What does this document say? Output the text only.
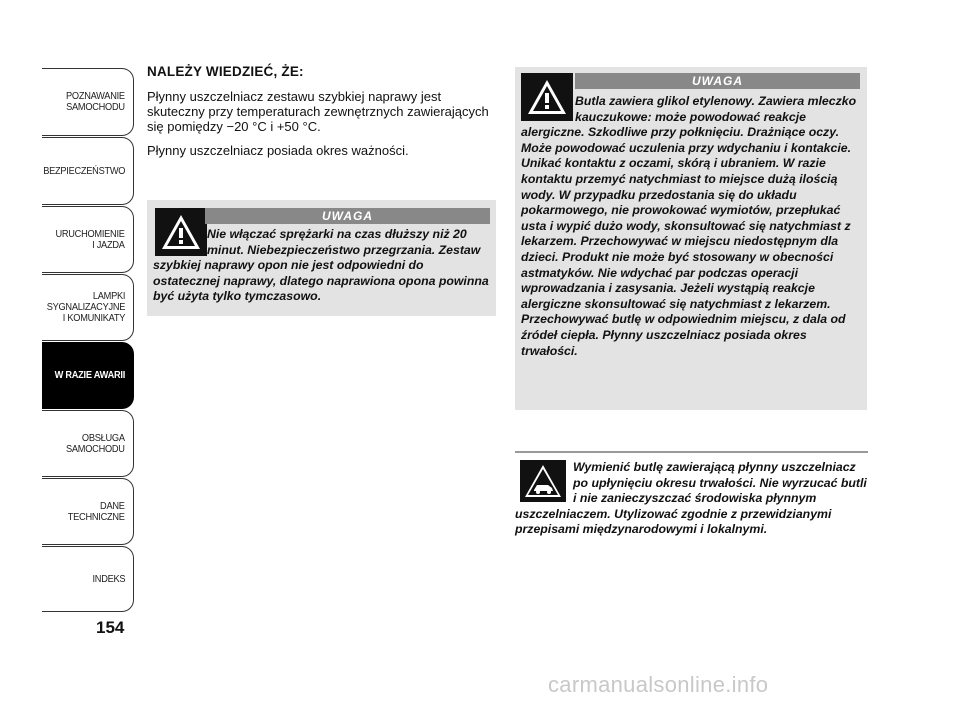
POZNAWANIE
SAMOCHODU
BEZPIECZEŃSTWO
URUCHOMIENIE
I JAZDA
LAMPKI
SYGNALIZACYJNE
I KOMUNIKATY
W RAZIE AWARII
OBSŁUGA
SAMOCHODU
DANE
TECHNICZNE
INDEKS
154

NALEŻY WIEDZIEĆ, ŻE:

Płynny uszczelniacz zestawu szybkiej naprawy jest skuteczny przy temperaturach zewnętrznych zawierających się pomiędzy −20 °C i +50 °C.

Płynny uszczelniacz posiada okres ważności.

UWAGA
Nie włączać sprężarki na czas dłuższy niż 20 minut. Niebezpieczeństwo przegrzania. Zestaw szybkiej naprawy opon nie jest odpowiedni do ostatecznej naprawy, dlatego naprawiona opona powinna być użyta tylko tymczasowo.
UWAGA
Butla zawiera glikol etylenowy. Zawiera mleczko kauczukowe: może powodować reakcje alergiczne. Szkodliwe przy połknięciu. Drażniące oczy. Może powodować uczulenia przy wdychaniu i kontakcie. Unikać kontaktu z oczami, skórą i ubraniem. W razie kontaktu przemyć natychmiast to miejsce dużą ilością wody. W przypadku przedostania się do układu pokarmowego, nie prowokować wymiotów, przepłukać usta i wypić dużo wody, skonsultować się natychmiast z lekarzem. Przechowywać w miejscu niedostępnym dla dzieci. Produkt nie może być stosowany w obecności astmatyków. Nie wdychać par podczas operacji wprowadzania i zasysania. Jeżeli wystąpią reakcje alergiczne skonsultować się natychmiast z lekarzem. Przechowywać butlę w odpowiednim miejscu, z dala od źródeł ciepła. Płynny uszczelniacz posiada okres trwałości.
Wymienić butlę zawierającą płynny uszczelniacz po upłynięciu okresu trwałości. Nie wyrzucać butli i nie zanieczyszczać środowiska płynnym uszczelniaczem. Utylizować zgodnie z przewidzianymi przepisami międzynarodowymi i lokalnymi.
carmanualsonline.info
